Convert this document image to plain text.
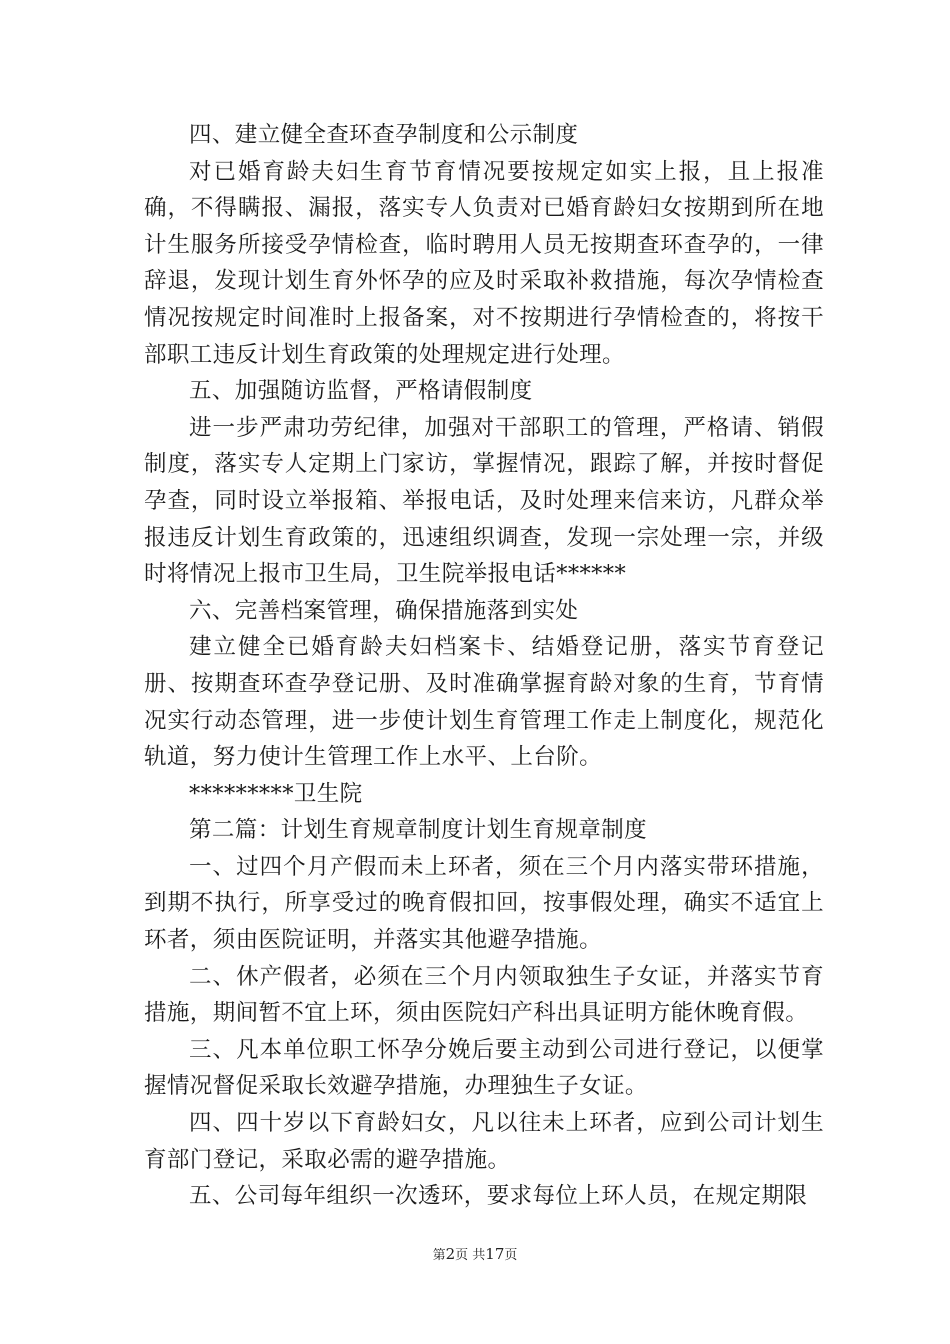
四、建立健全查环查孕制度和公示制度

对已婚育龄夫妇生育节育情况要按规定如实上报，且上报准确，不得瞒报、漏报，落实专人负责对已婚育龄妇女按期到所在地计生服务所接受孕情检查，临时聘用人员无按期查环查孕的，一律辞退，发现计划生育外怀孕的应及时采取补救措施，每次孕情检查情况按规定时间准时上报备案，对不按期进行孕情检查的，将按干部职工违反计划生育政策的处理规定进行处理。

五、加强随访监督，严格请假制度

进一步严肃功劳纪律，加强对干部职工的管理，严格请、销假制度，落实专人定期上门家访，掌握情况，跟踪了解，并按时督促孕查，同时设立举报箱、举报电话，及时处理来信来访，凡群众举报违反计划生育政策的，迅速组织调查，发现一宗处理一宗，并级时将情况上报市卫生局，卫生院举报电话******

六、完善档案管理，确保措施落到实处

建立健全已婚育龄夫妇档案卡、结婚登记册，落实节育登记册、按期查环查孕登记册、及时准确掌握育龄对象的生育，节育情况实行动态管理，进一步使计划生育管理工作走上制度化，规范化轨道，努力使计生管理工作上水平、上台阶。

*********卫生院

第二篇：计划生育规章制度计划生育规章制度

一、过四个月产假而未上环者，须在三个月内落实带环措施，到期不执行，所享受过的晚育假扣回，按事假处理，确实不适宜上环者，须由医院证明，并落实其他避孕措施。

二、休产假者，必须在三个月内领取独生子女证，并落实节育措施，期间暂不宜上环，须由医院妇产科出具证明方能休晚育假。

三、凡本单位职工怀孕分娩后要主动到公司进行登记，以便掌握情况督促采取长效避孕措施，办理独生子女证。

四、四十岁以下育龄妇女，凡以往未上环者，应到公司计划生育部门登记，采取必需的避孕措施。

五、公司每年组织一次透环，要求每位上环人员，在规定期限

第2页 共17页
